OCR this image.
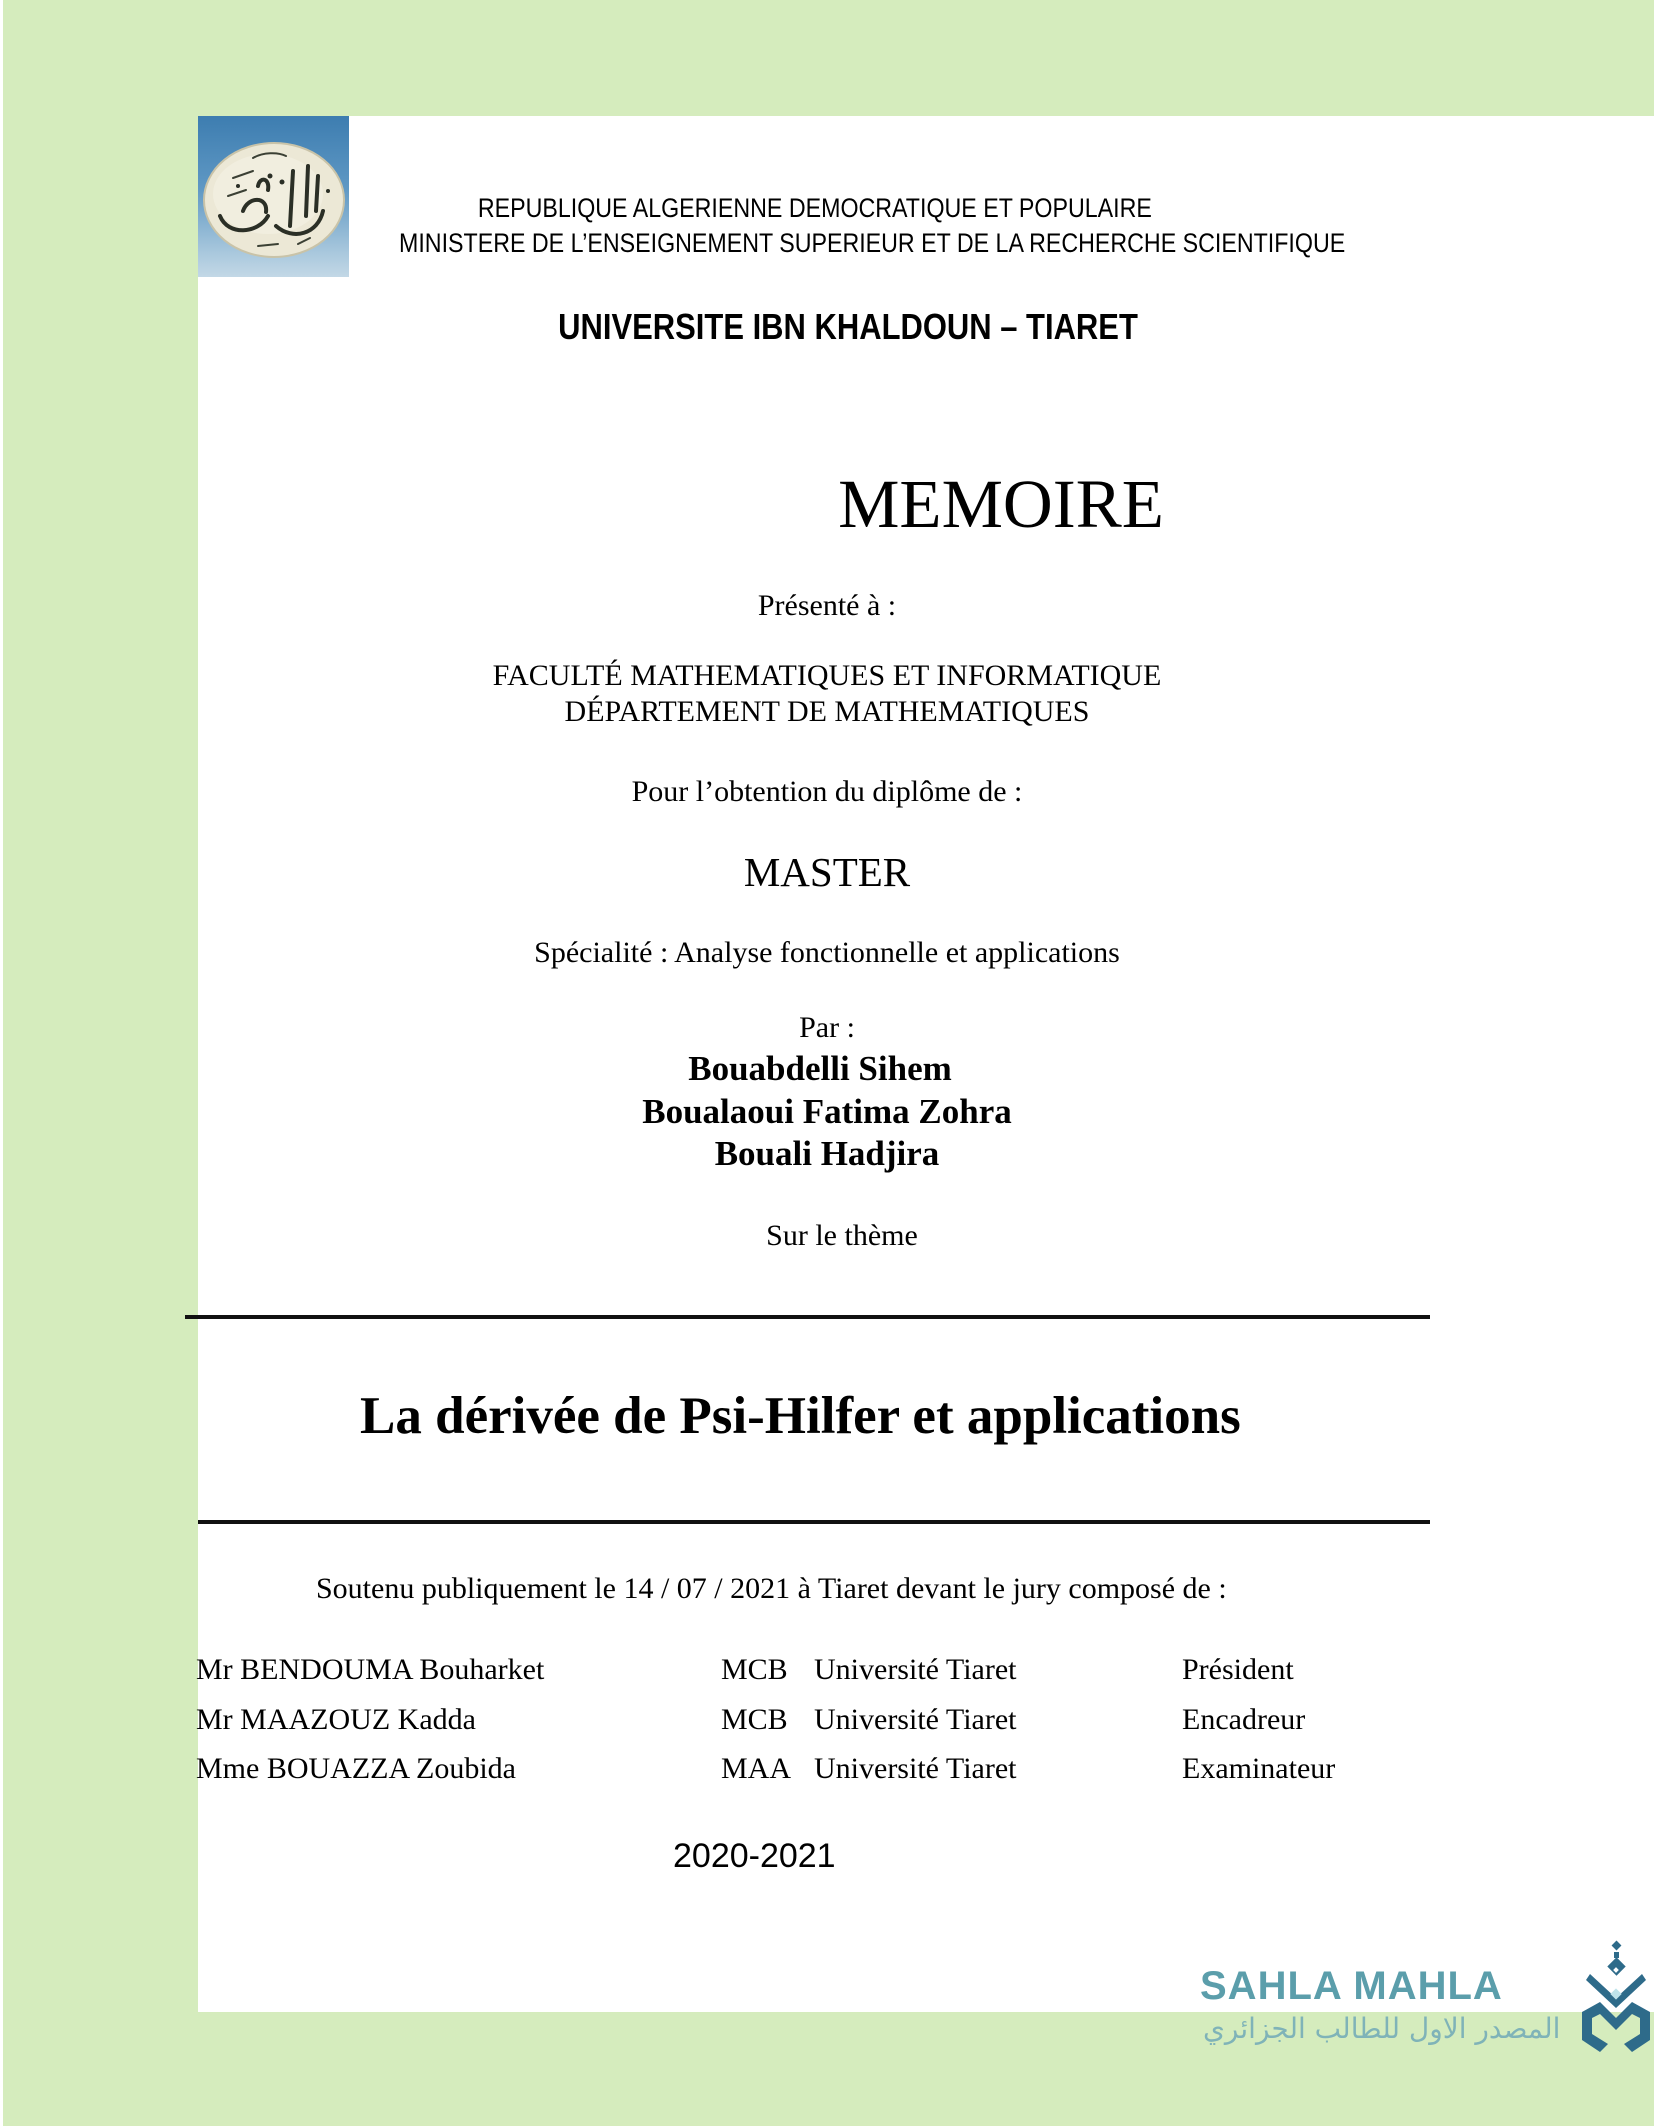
REPUBLIQUE ALGERIENNE DEMOCRATIQUE ET POPULAIRE
MINISTERE DE L’ENSEIGNEMENT SUPERIEUR ET DE LA RECHERCHE SCIENTIFIQUE
UNIVERSITE IBN KHALDOUN – TIARET
MEMOIRE
Présenté à :
FACULTÉ MATHEMATIQUES ET INFORMATIQUE
DÉPARTEMENT DE MATHEMATIQUES
Pour l’obtention du diplôme de :
MASTER
Spécialité : Analyse fonctionnelle et applications
Par :
Bouabdelli Sihem
Boualaoui Fatima Zohra
Bouali Hadjira
Sur le thème
La dérivée de Psi-Hilfer et applications
Soutenu publiquement le 14 / 07 / 2021 à Tiaret devant le jury composé de :
Mr BENDOUMA Bouharket	MCB Université Tiaret	Président
Mr MAAZOUZ Kadda	MCB Université Tiaret	Encadreur
Mme BOUAZZA Zoubida	MAA Université Tiaret	Examinateur
2020-2021
SAHLA MAHLA
المصدر الاول للطالب الجزائري
